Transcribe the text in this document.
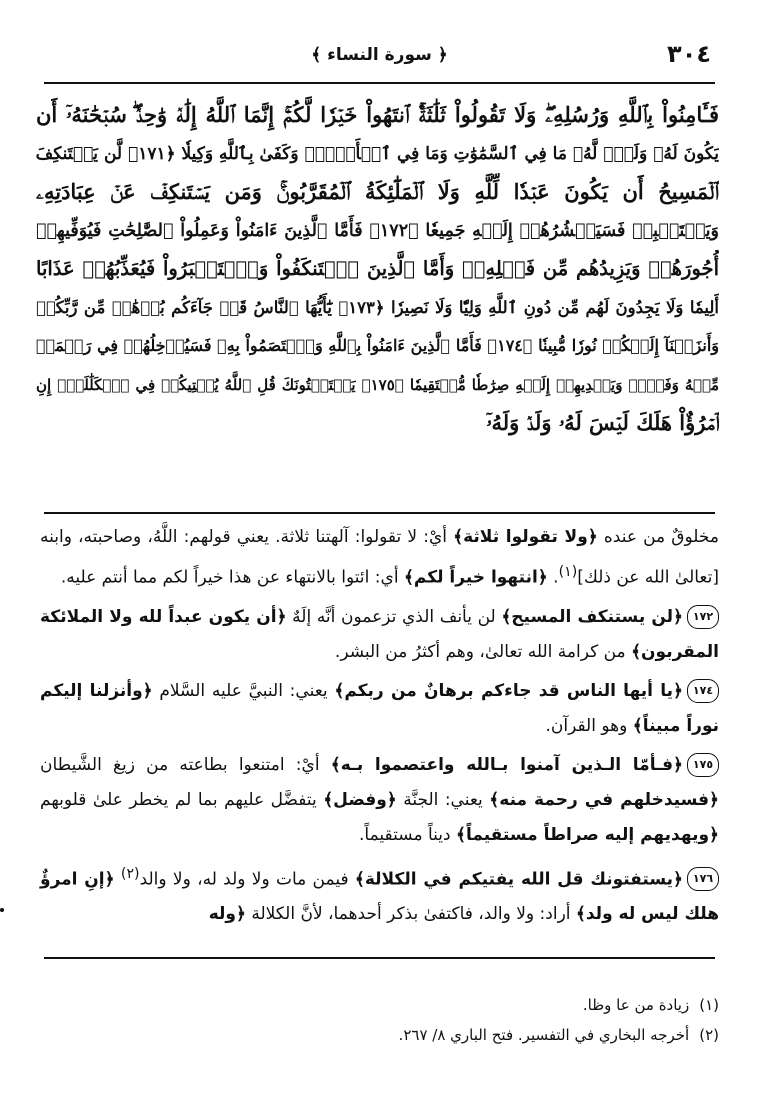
٣٠٤
﴿ سورة النساء ﴾
فَـَٔامِنُواْ بِٱللَّهِ وَرُسُلِهِۦۖ وَلَا تَقُولُواْ ثَلَٰثَةٌۚ ٱنتَهُواْ خَيۡرٗا لَّكُمۡۚ إِنَّمَا ٱللَّهُ إِلَٰهٞ وَٰحِدٞۖ سُبۡحَٰنَهُۥٓ أَن
يَكُونَ لَهُۥ وَلَدٞۘ لَّهُۥ مَا فِي ٱلسَّمَٰوَٰتِ وَمَا فِي ٱلۡأَرۡضِۗ وَكَفَىٰ بِٱللَّهِ وَكِيلٗا ﴿١٧١﴾ لَّن يَسۡتَنكِفَ
ٱلۡمَسِيحُ أَن يَكُونَ عَبۡدٗا لِّلَّهِ وَلَا ٱلۡمَلَٰٓئِكَةُ ٱلۡمُقَرَّبُونَۚ وَمَن يَسۡتَنكِفۡ عَنۡ عِبَادَتِهِۦ
وَيَسۡتَكۡبِرۡ فَسَيَحۡشُرُهُمۡ إِلَيۡهِ جَمِيعٗا ﴿١٧٢﴾ فَأَمَّا ٱلَّذِينَ ءَامَنُواْ وَعَمِلُواْ ٱلصَّٰلِحَٰتِ فَيُوَفِّيهِمۡ
أُجُورَهُمۡ وَيَزِيدُهُم مِّن فَضۡلِهِۦۖ وَأَمَّا ٱلَّذِينَ ٱسۡتَنكَفُواْ وَٱسۡتَكۡبَرُواْ فَيُعَذِّبُهُمۡ عَذَابًا
أَلِيمٗا وَلَا يَجِدُونَ لَهُم مِّن دُونِ ٱللَّهِ وَلِيّٗا وَلَا نَصِيرٗا ﴿١٧٣﴾ يَٰٓأَيُّهَا ٱلنَّاسُ قَدۡ جَآءَكُم بُرۡهَٰنٞ مِّن رَّبِّكُمۡ
وَأَنزَلۡنَآ إِلَيۡكُمۡ نُورٗا مُّبِينٗا ﴿١٧٤﴾ فَأَمَّا ٱلَّذِينَ ءَامَنُواْ بِٱللَّهِ وَٱعۡتَصَمُواْ بِهِۦ فَسَيُدۡخِلُهُمۡ فِي رَحۡمَةٖ
مِّنۡهُ وَفَضۡلٖ وَيَهۡدِيهِمۡ إِلَيۡهِ صِرَٰطٗا مُّسۡتَقِيمٗا ﴿١٧٥﴾ يَسۡتَفۡتُونَكَ قُلِ ٱللَّهُ يُفۡتِيكُمۡ فِي ٱلۡكَلَٰلَةِۚ إِنِ
ٱمۡرُؤٌاْ هَلَكَ لَيۡسَ لَهُۥ وَلَدٞ وَلَهُۥٓ

مخلوقٌ من عنده ﴿ولا تقولوا ثلاثة﴾ أيْ: لا تقولوا: آلهتنا ثلاثة. يعني قولهم: اللَّهُ، وصاحبته، وابنه [تعالىٰ الله عن ذلك]$^{(١)}$. ﴿انتهوا خيراً لكم﴾ أي: ائتوا بالانتهاء عن هذا خيراً لكم مما أنتم عليه.

١٧٢﴿لن يستنكف المسيح﴾ لن يأنف الذي تزعمون أنَّه إلَهٌ ﴿أن يكون عبداً لله ولا الملائكة المقربون﴾ من كرامة الله تعالىٰ، وهم أكثرُ من البشر.

١٧٤﴿يا أيها الناس قد جاءكم برهانٌ من ربكم﴾ يعني: النبيَّ عليه السَّلام ﴿وأنزلنا إليكم نوراً مبيناً﴾ وهو القرآن.

١٧٥﴿فـأمّا الـذين آمنوا بـالله واعتصموا بـه﴾ أيْ: امتنعوا بطاعته من زيغ الشَّيطان ﴿فسيدخلهم في رحمة منه﴾ يعني: الجنَّة ﴿وفضل﴾ يتفضَّل عليهم بما لم يخطر علىٰ قلوبهم ﴿ويهديهم إليه صراطاً مستقيماً﴾ ديناً مستقيماً.

١٧٦﴿يستفتونك قل الله يفتيكم في الكلالة﴾ فيمن مات ولا ولد له، ولا والد$^{(٢)}$ ﴿إنِ امرؤٌ هلك ليس له ولد﴾ أراد: ولا والد، فاكتفىٰ بذكر أحدهما، لأنَّ الكلالة ﴿وله

(١)زيادة من عا وظا.

(٢)أخرجه البخاري في التفسير. فتح الباري ٨/ ٢٦٧.
